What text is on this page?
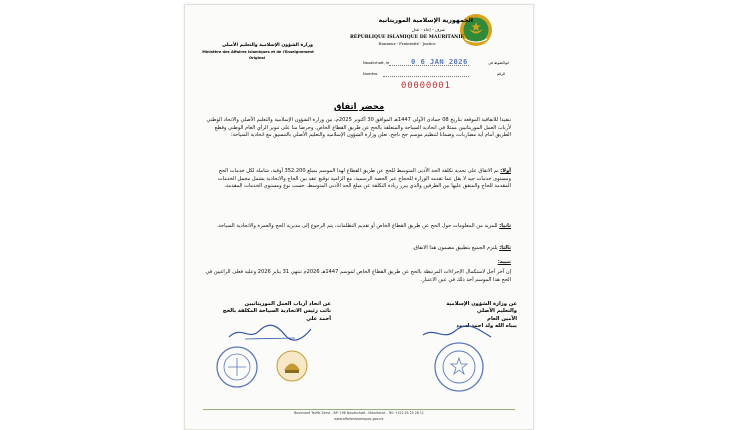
الجمهورية الإسلامية الموريتانية
شرف - إخاء - عدل
RÉPUBLIQUE ISLAMIQUE DE MAURITANIE
Honneur - Fraternité - Justice
وزارة الشؤون الإسلامية والتعليم الأصلي
Ministère des Affaires Islamiques et de l'Enseignement
Original
Nouakchott, le	0 6 JAN 2026	انواكشوط في
Numéro	الرقم
00000001
محضر اتفاق
تنفيذا للاتفاقية الموقعة بتاريخ 08 جمادى الأولى 1447هـ الموافق 30 أكتوبر 2025م، بين وزارة الشؤون الإسلامية والتعليم الأصلي والاتحاد الوطني لأرباب العمل الموريتانيين ممثلا في اتحادية السياحة والمتعلقة بالحج عن طريق القطاع الخاص، وحرصا منا على تنوير الرأي العام الوطني وقطع الطريق أمام أية مضاربات، وضمانا لتنظيم موسم حج ناجح، تعلن وزارة الشؤون الإسلامية والتعليم الأصلي بالتنسيق مع اتحادية السياحة:
أولا: تم الاتفاق على تحديد تكلفة الحد الأدنى المتوسط للحج عن طريق القطاع لهذا الموسم بمبلغ 352.200 أوقية، شاملة لكل خدمات الحج ومستوى خدمات جيد لا يقل عما تقدمه الوزارة للحجاج عبر الحصة الرسمية، مع الزامية توقيع عقد بين الحاج والاتحادية يشمل مجمل الخدمات المقدمة للحاج والمتفق عليها بين الطرفين والذي يبرر زيادة التكلفة عن مبلغ الحد الأدنى المتوسط، حسب نوع ومستوى الخدمات المقدمة.
ثانيا: للمزيد من المعلومات حول الحج عن طريق القطاع الخاص أو تقديم التظلمات، يتم الرجوع إلى مديرية الحج والعمرة والاتحادية السياحة.
ثالثا: يلتزم الجميع بتطبيق مضمون هذا الاتفاق.
تنبيه:
إن آخر أجل لاستكمال الإجراءات المرتبطة بالحج عن طريق القطاع الخاص لموسم 1447هـ 2026م تنتهي 31 يناير 2026 وعليه فعلى الراغبين في الحج هذا الموسم أخذ ذلك في عين الاعتبار.
عن وزارة الشؤون الإسلامية
والتعليم الأصلي
الأمين العام
بيباه الله ولد احمد لسود
عن اتحاد أرباب العمل الموريتانيين
نائب رئيس الاتحادية السياحة المكلفة بالحج
أحمد علي
Boulevard Tevfik Zeina - BP: 196 Nouakchott - Mauritanie - Tél: +222 45 25 28 11
www.affairesislamiques.gov.mr
